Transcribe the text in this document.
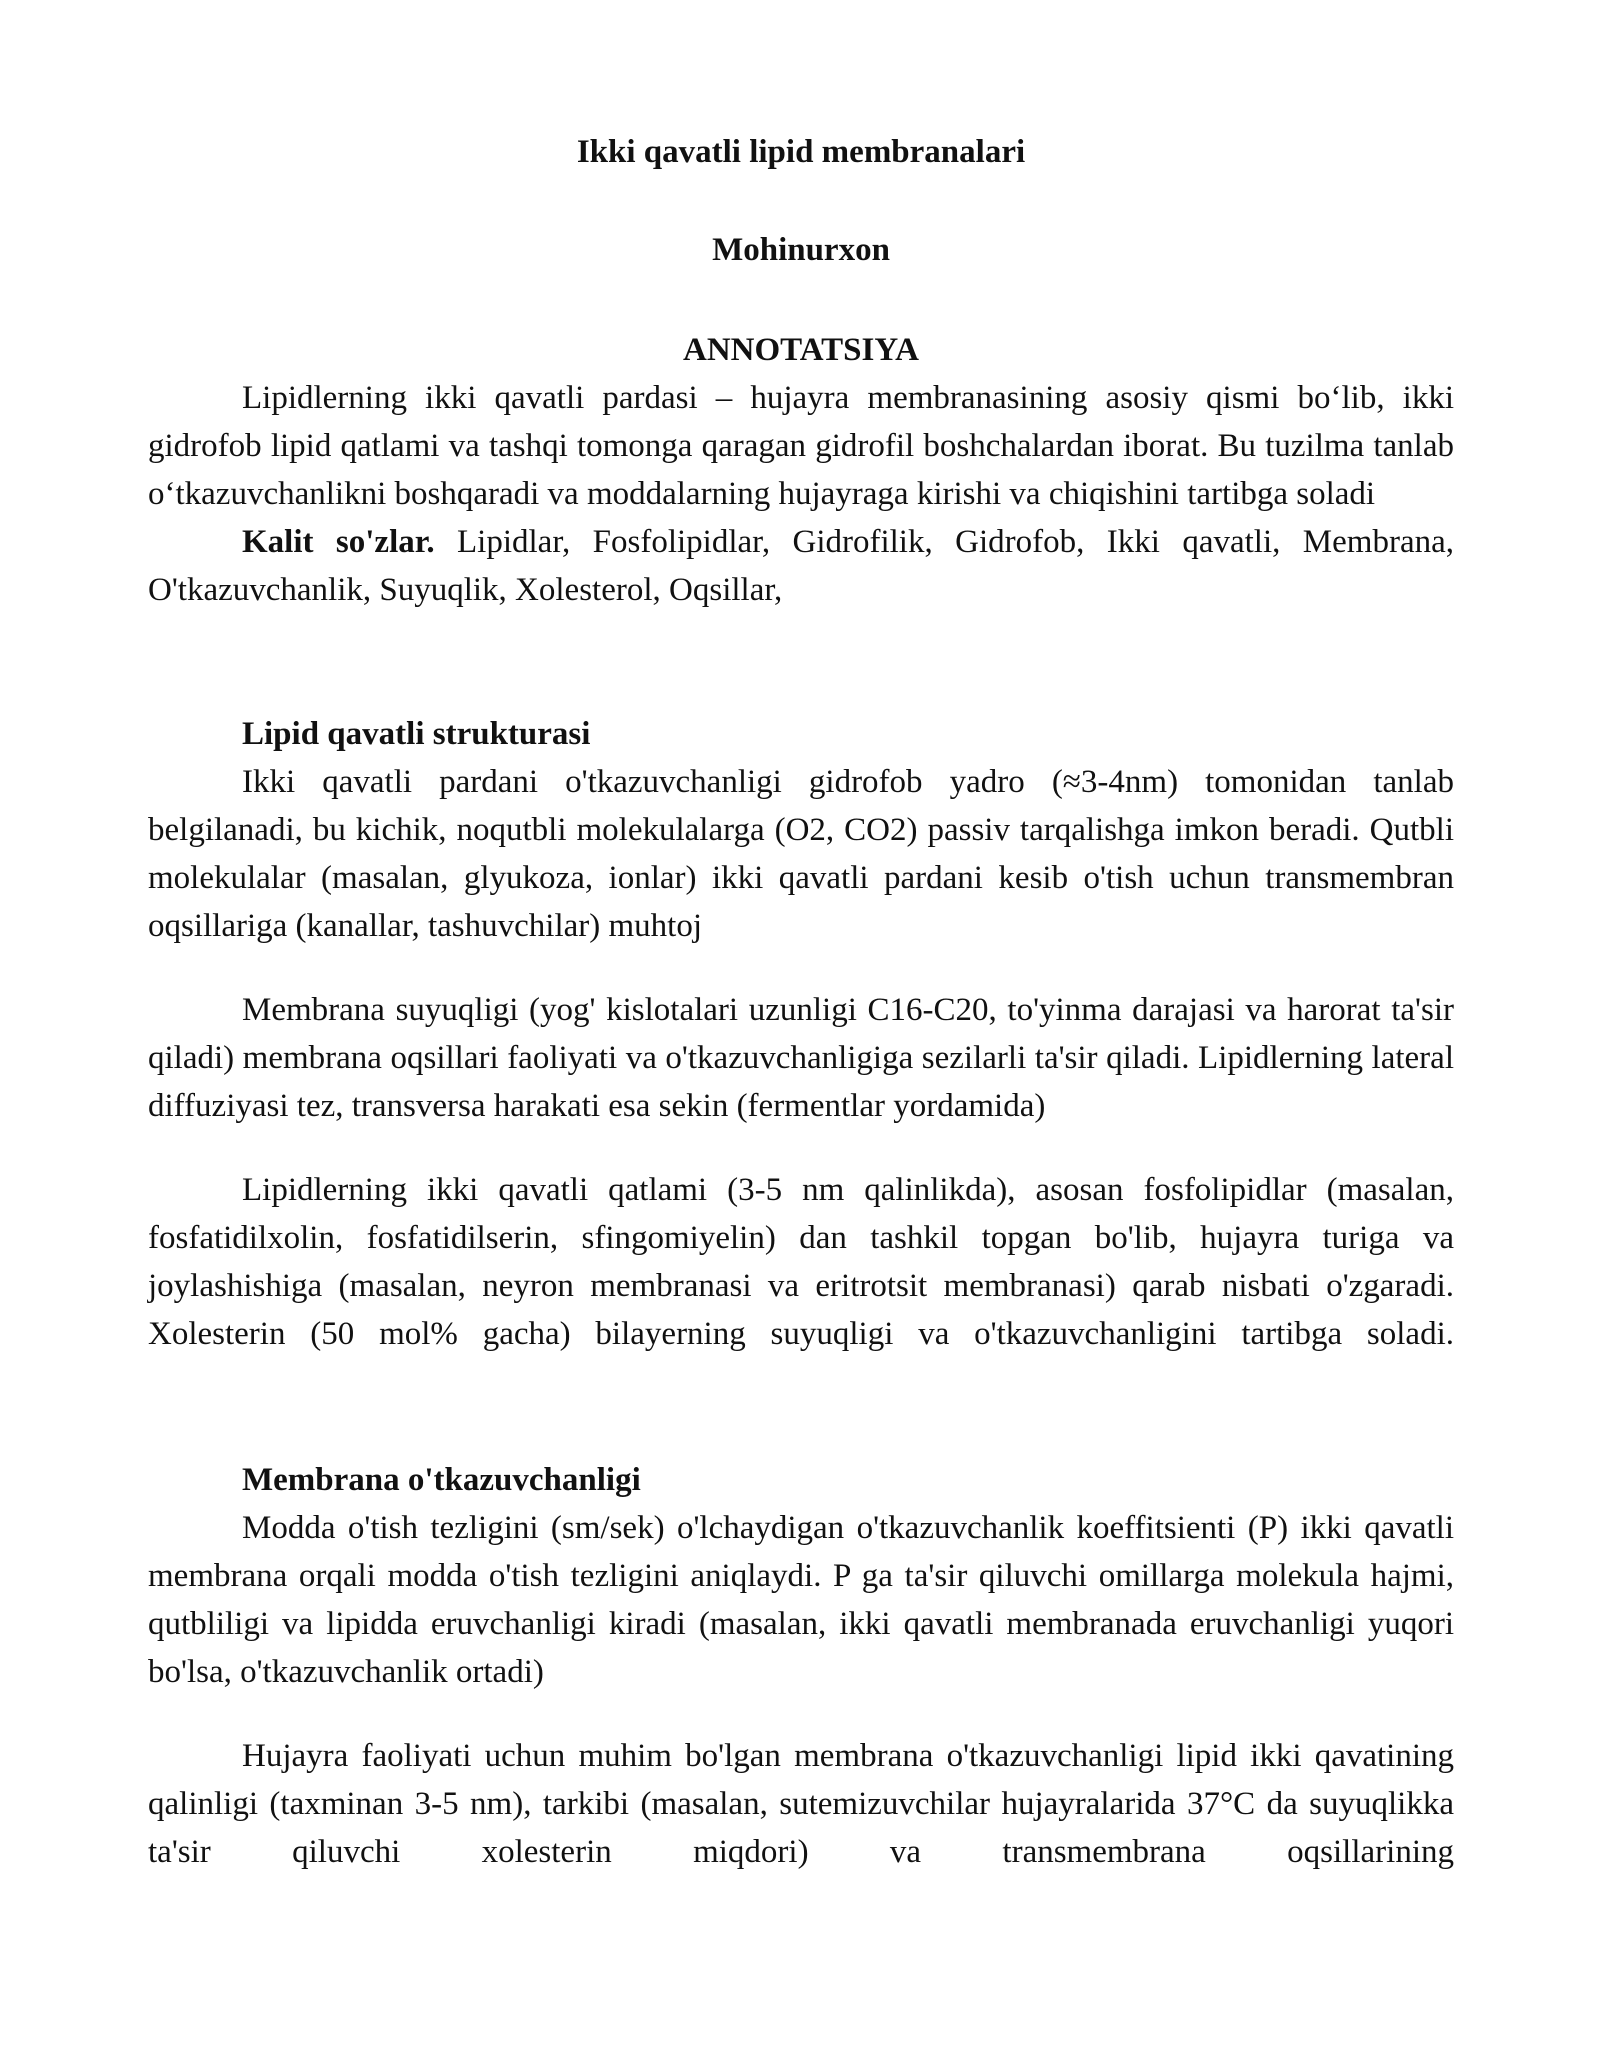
Ikki qavatli lipid membranalari

Mohinurxon

ANNOTATSIYA

Lipidlerning ikki qavatli pardasi – hujayra membranasining asosiy qismi bo‘lib, ikki gidrofob lipid qatlami va tashqi tomonga qaragan gidrofil boshchalardan iborat. Bu tuzilma tanlab o‘tkazuvchanlikni boshqaradi va moddalarning hujayraga kirishi va chiqishini tartibga soladi

Kalit so'zlar. Lipidlar, Fosfolipidlar, Gidrofilik, Gidrofob, Ikki qavatli, Membrana, O'tkazuvchanlik, Suyuqlik, Xolesterol, Oqsillar,

Lipid qavatli strukturasi

Ikki qavatli pardani o'tkazuvchanligi gidrofob yadro (≈3-4nm) tomonidan tanlab belgilanadi, bu kichik, noqutbli molekulalarga (O2, CO2) passiv tarqalishga imkon beradi. Qutbli molekulalar (masalan, glyukoza, ionlar) ikki qavatli pardani kesib o'tish uchun transmembran oqsillariga (kanallar, tashuvchilar) muhtoj

Membrana suyuqligi (yog' kislotalari uzunligi C16-C20, to'yinma darajasi va harorat ta'sir qiladi) membrana oqsillari faoliyati va o'tkazuvchanligiga sezilarli ta'sir qiladi. Lipidlerning lateral diffuziyasi tez, transversa harakati esa sekin (fermentlar yordamida)

Lipidlerning ikki qavatli qatlami (3-5 nm qalinlikda), asosan fosfolipidlar (masalan, fosfatidilxolin, fosfatidilserin, sfingomiyelin) dan tashkil topgan bo'lib, hujayra turiga va joylashishiga (masalan, neyron membranasi va eritrotsit membranasi) qarab nisbati o'zgaradi. Xolesterin (50 mol% gacha) bilayerning suyuqligi va o'tkazuvchanligini tartibga soladi.

Membrana o'tkazuvchanligi

Modda o'tish tezligini (sm/sek) o'lchaydigan o'tkazuvchanlik koeffitsienti (P) ikki qavatli membrana orqali modda o'tish tezligini aniqlaydi. P ga ta'sir qiluvchi omillarga molekula hajmi, qutbliligi va lipidda eruvchanligi kiradi (masalan, ikki qavatli membranada eruvchanligi yuqori bo'lsa, o'tkazuvchanlik ortadi)

Hujayra faoliyati uchun muhim bo'lgan membrana o'tkazuvchanligi lipid ikki qavatining qalinligi (taxminan 3-5 nm), tarkibi (masalan, sutemizuvchilar hujayralarida 37°C da suyuqlikka ta'sir qiluvchi xolesterin miqdori) va transmembrana oqsillarining
